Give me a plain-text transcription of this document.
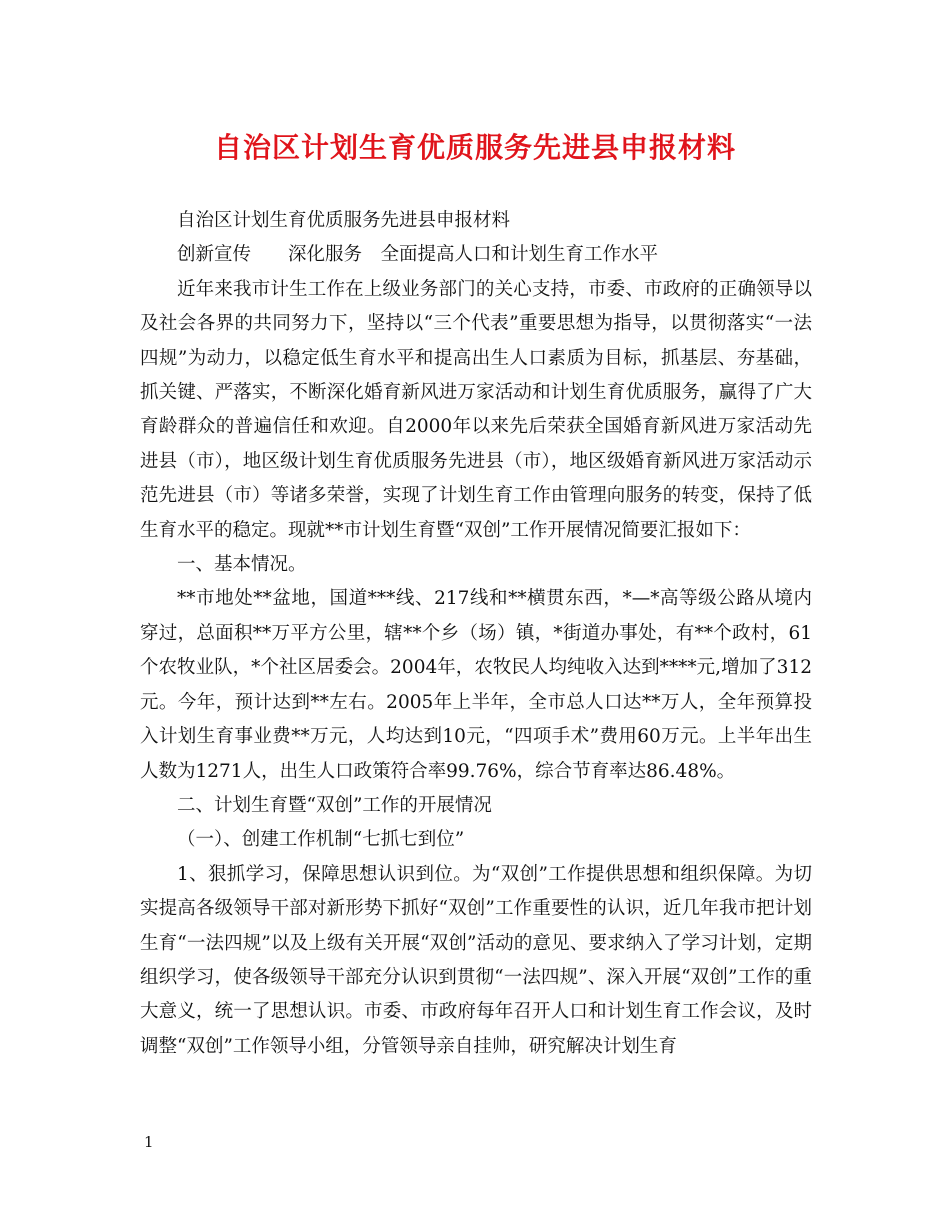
自治区计划生育优质服务先进县申报材料

自治区计划生育优质服务先进县申报材料

创新宣传　　深化服务　全面提高人口和计划生育工作水平

近年来我市计生工作在上级业务部门的关心支持，市委、市政府的正确领导以及社会各界的共同努力下，坚持以“三个代表”重要思想为指导，以贯彻落实“一法四规”为动力，以稳定低生育水平和提高出生人口素质为目标，抓基层、夯基础，抓关键、严落实，不断深化婚育新风进万家活动和计划生育优质服务，赢得了广大育龄群众的普遍信任和欢迎。自2000年以来先后荣获全国婚育新风进万家活动先进县（市），地区级计划生育优质服务先进县（市），地区级婚育新风进万家活动示范先进县（市）等诸多荣誉，实现了计划生育工作由管理向服务的转变，保持了低生育水平的稳定。现就**市计划生育暨“双创”工作开展情况简要汇报如下：

一、基本情况。

**市地处**盆地，国道***线、217线和**横贯东西，*—*高等级公路从境内穿过，总面积**万平方公里，辖**个乡（场）镇，*街道办事处，有**个政村，61个农牧业队，*个社区居委会。2004年，农牧民人均纯收入达到****元,增加了312元。今年，预计达到**左右。2005年上半年，全市总人口达**万人，全年预算投入计划生育事业费**万元，人均达到10元，“四项手术”费用60万元。上半年出生人数为1271人，出生人口政策符合率99.76%，综合节育率达86.48%。

二、计划生育暨“双创”工作的开展情况

（一）、创建工作机制“七抓七到位”

1、狠抓学习，保障思想认识到位。为“双创”工作提供思想和组织保障。为切实提高各级领导干部对新形势下抓好“双创”工作重要性的认识，近几年我市把计划生育“一法四规”以及上级有关开展“双创”活动的意见、要求纳入了学习计划，定期组织学习，使各级领导干部充分认识到贯彻“一法四规”、深入开展“双创”工作的重大意义，统一了思想认识。市委、市政府每年召开人口和计划生育工作会议，及时调整“双创”工作领导小组，分管领导亲自挂帅，研究解决计划生育

1
